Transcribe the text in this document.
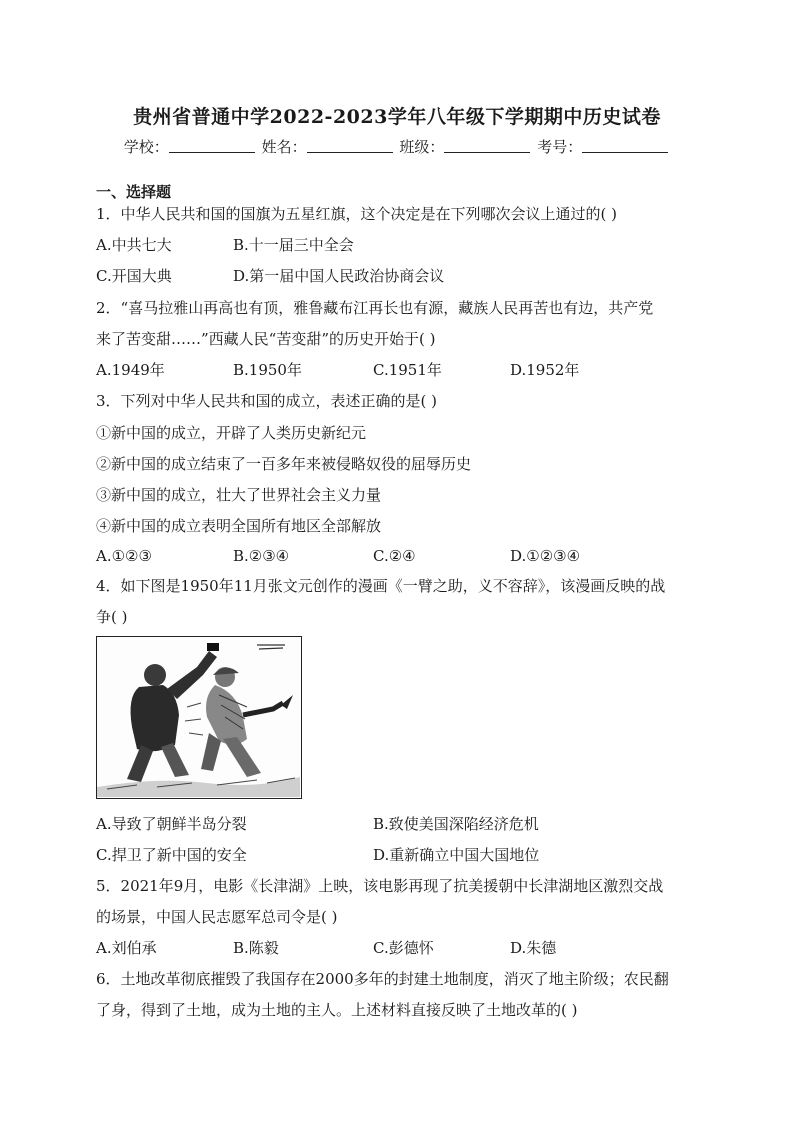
贵州省普通中学2022-2023学年八年级下学期期中历史试卷
学校：	姓名：	班级：	考号：
一、选择题
1．中华人民共和国的国旗为五星红旗，这个决定是在下列哪次会议上通过的( )
A.中共七大	B.十一届三中全会
C.开国大典	D.第一届中国人民政治协商会议
2．“喜马拉雅山再高也有顶，雅鲁藏布江再长也有源，藏族人民再苦也有边，共产党
来了苦变甜……”西藏人民“苦变甜”的历史开始于( )
A.1949年	B.1950年	C.1951年	D.1952年
3．下列对中华人民共和国的成立，表述正确的是( )
①新中国的成立，开辟了人类历史新纪元
②新中国的成立结束了一百多年来被侵略奴役的屈辱历史
③新中国的成立，壮大了世界社会主义力量
④新中国的成立表明全国所有地区全部解放
A.①②③	B.②③④	C.②④	D.①②③④
4．如下图是1950年11月张文元创作的漫画《一臂之助，义不容辞》，该漫画反映的战
争( )
A.导致了朝鲜半岛分裂	B.致使美国深陷经济危机
C.捍卫了新中国的安全	D.重新确立中国大国地位
5．2021年9月，电影《长津湖》上映，该电影再现了抗美援朝中长津湖地区激烈交战
的场景，中国人民志愿军总司令是( )
A.刘伯承	B.陈毅	C.彭德怀	D.朱德
6．土地改革彻底摧毁了我国存在2000多年的封建土地制度，消灭了地主阶级；农民翻
了身，得到了土地，成为土地的主人。上述材料直接反映了土地改革的( )
